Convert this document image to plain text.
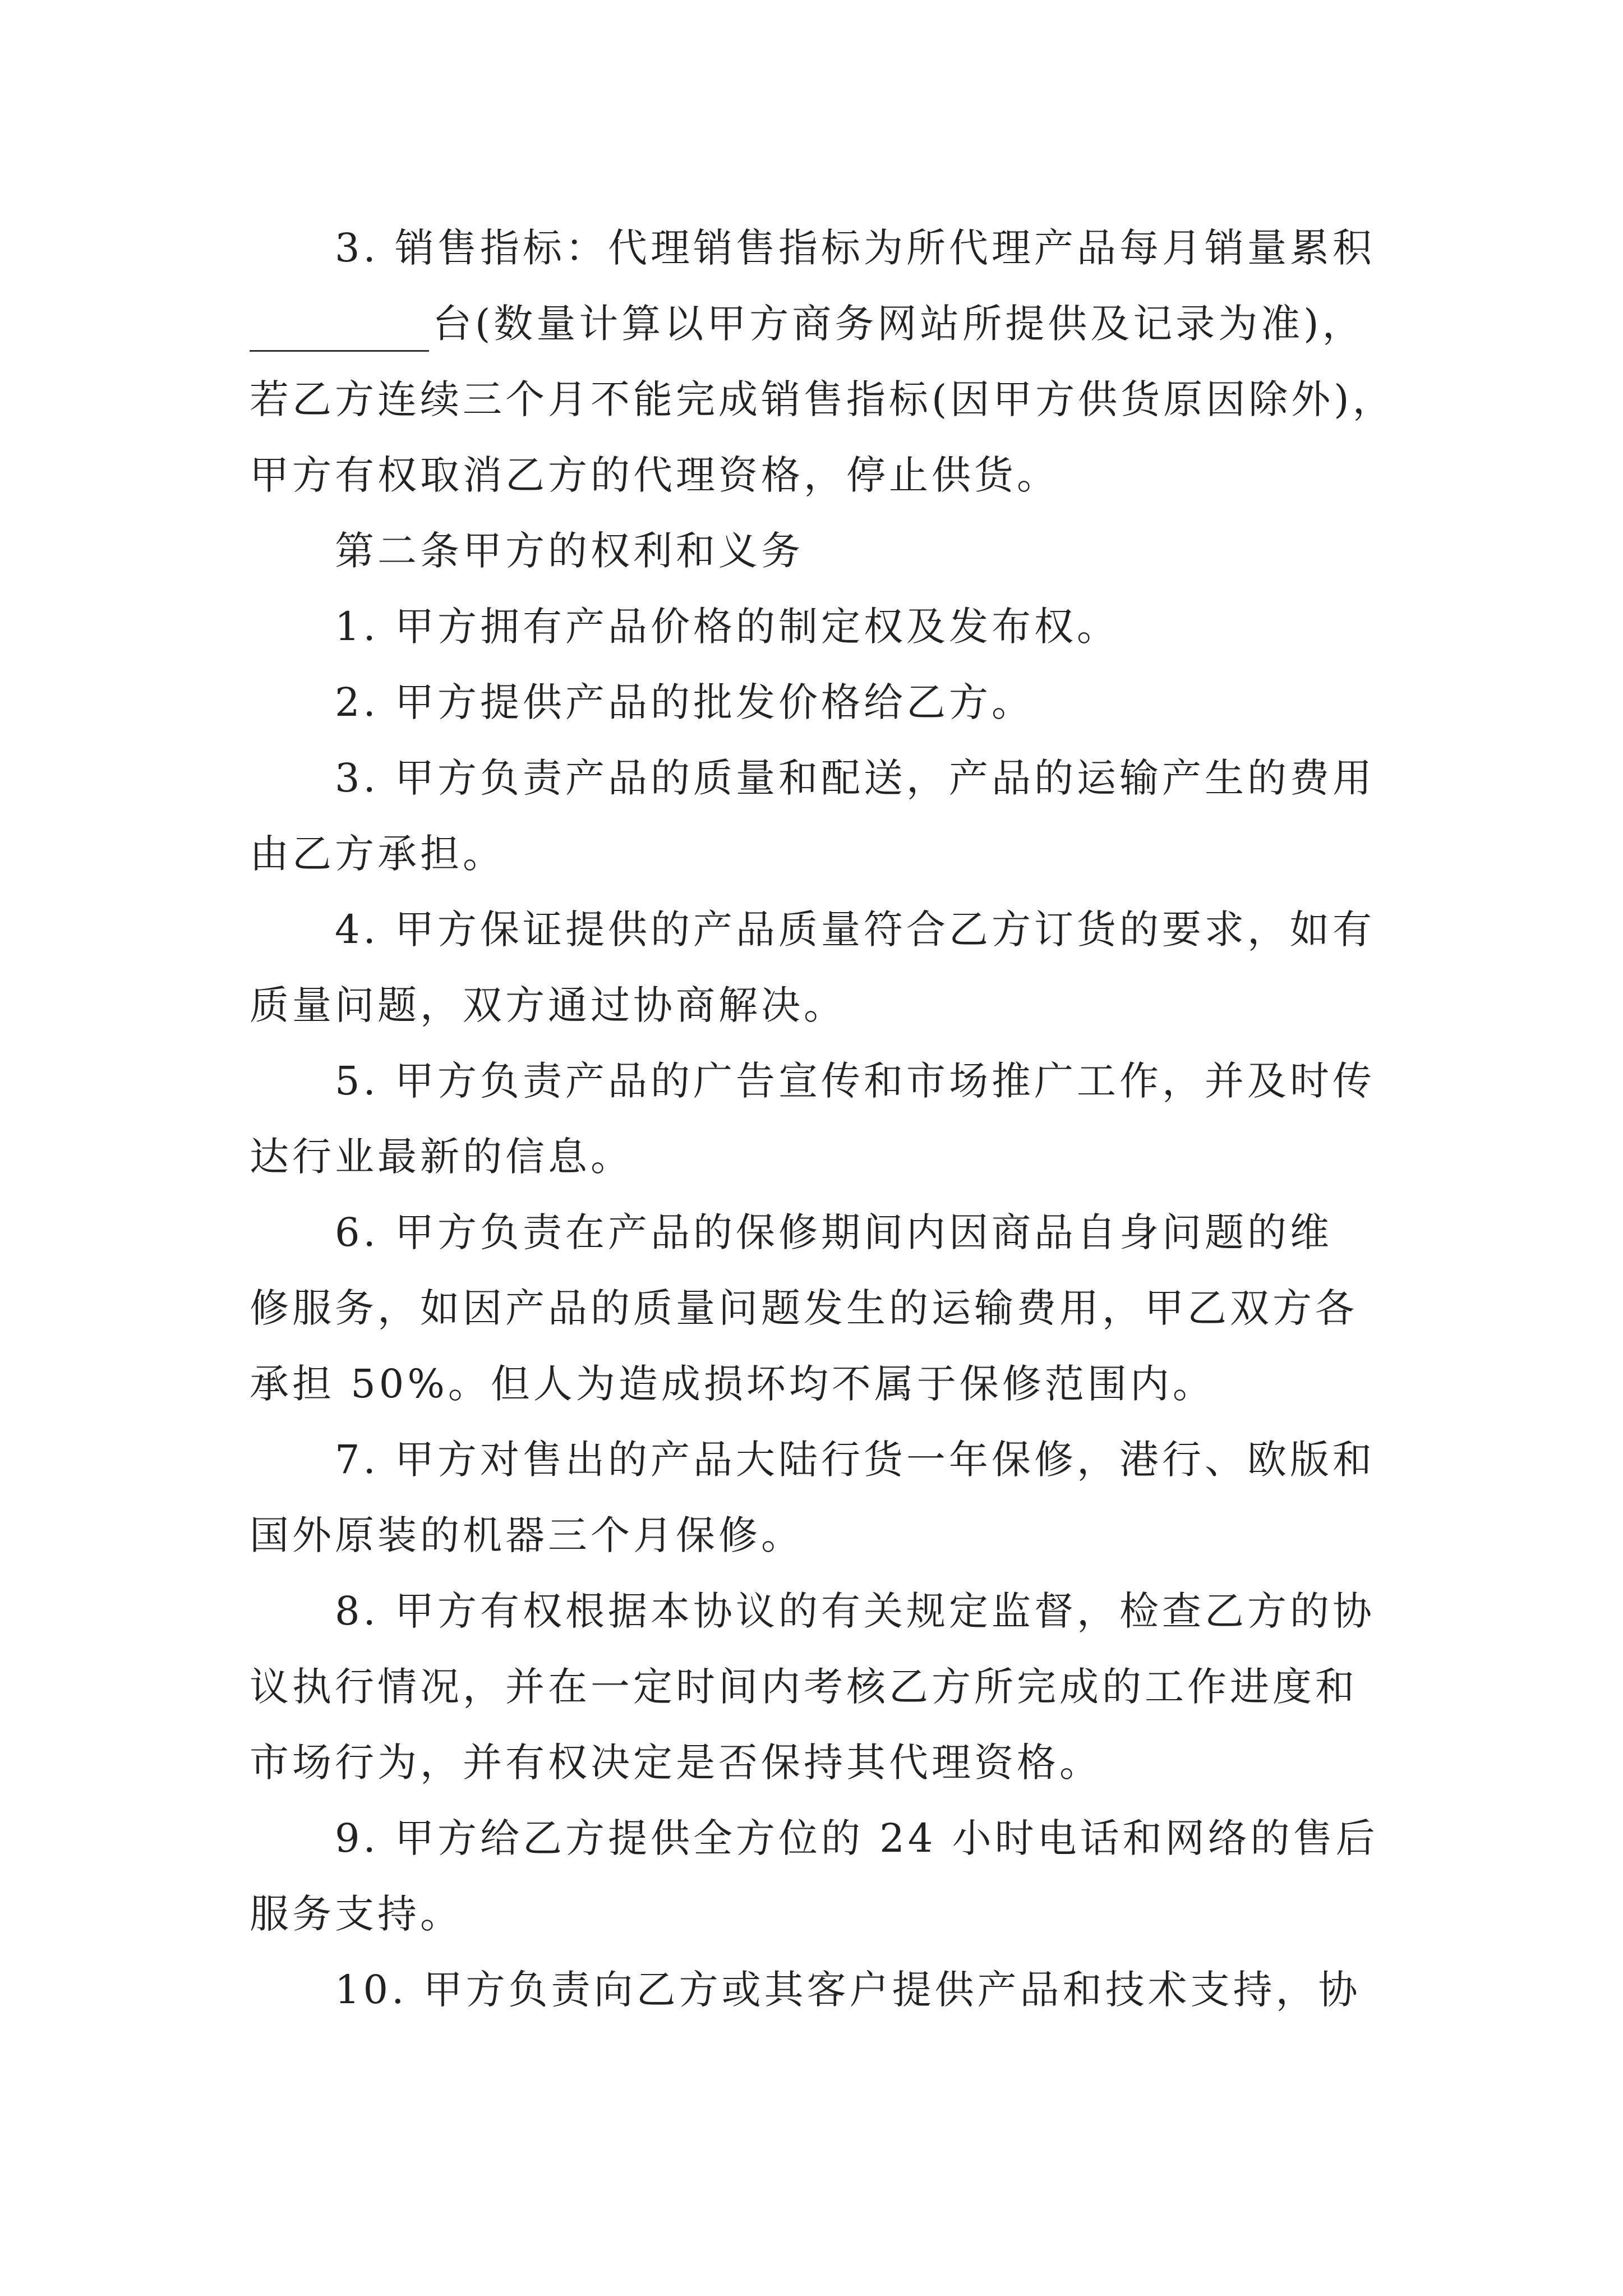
3. 销售指标：代理销售指标为所代理产品每月销量累积
台(数量计算以甲方商务网站所提供及记录为准)，
若乙方连续三个月不能完成销售指标(因甲方供货原因除外)，
甲方有权取消乙方的代理资格，停止供货。
第二条甲方的权利和义务
1. 甲方拥有产品价格的制定权及发布权。
2. 甲方提供产品的批发价格给乙方。
3. 甲方负责产品的质量和配送，产品的运输产生的费用
由乙方承担。
4. 甲方保证提供的产品质量符合乙方订货的要求，如有
质量问题，双方通过协商解决。
5. 甲方负责产品的广告宣传和市场推广工作，并及时传
达行业最新的信息。
6. 甲方负责在产品的保修期间内因商品自身问题的维
修服务，如因产品的质量问题发生的运输费用，甲乙双方各
承担 50%。但人为造成损坏均不属于保修范围内。
7. 甲方对售出的产品大陆行货一年保修，港行、欧版和
国外原装的机器三个月保修。
8. 甲方有权根据本协议的有关规定监督，检查乙方的协
议执行情况，并在一定时间内考核乙方所完成的工作进度和
市场行为，并有权决定是否保持其代理资格。
9. 甲方给乙方提供全方位的 24 小时电话和网络的售后
服务支持。
10. 甲方负责向乙方或其客户提供产品和技术支持，协
